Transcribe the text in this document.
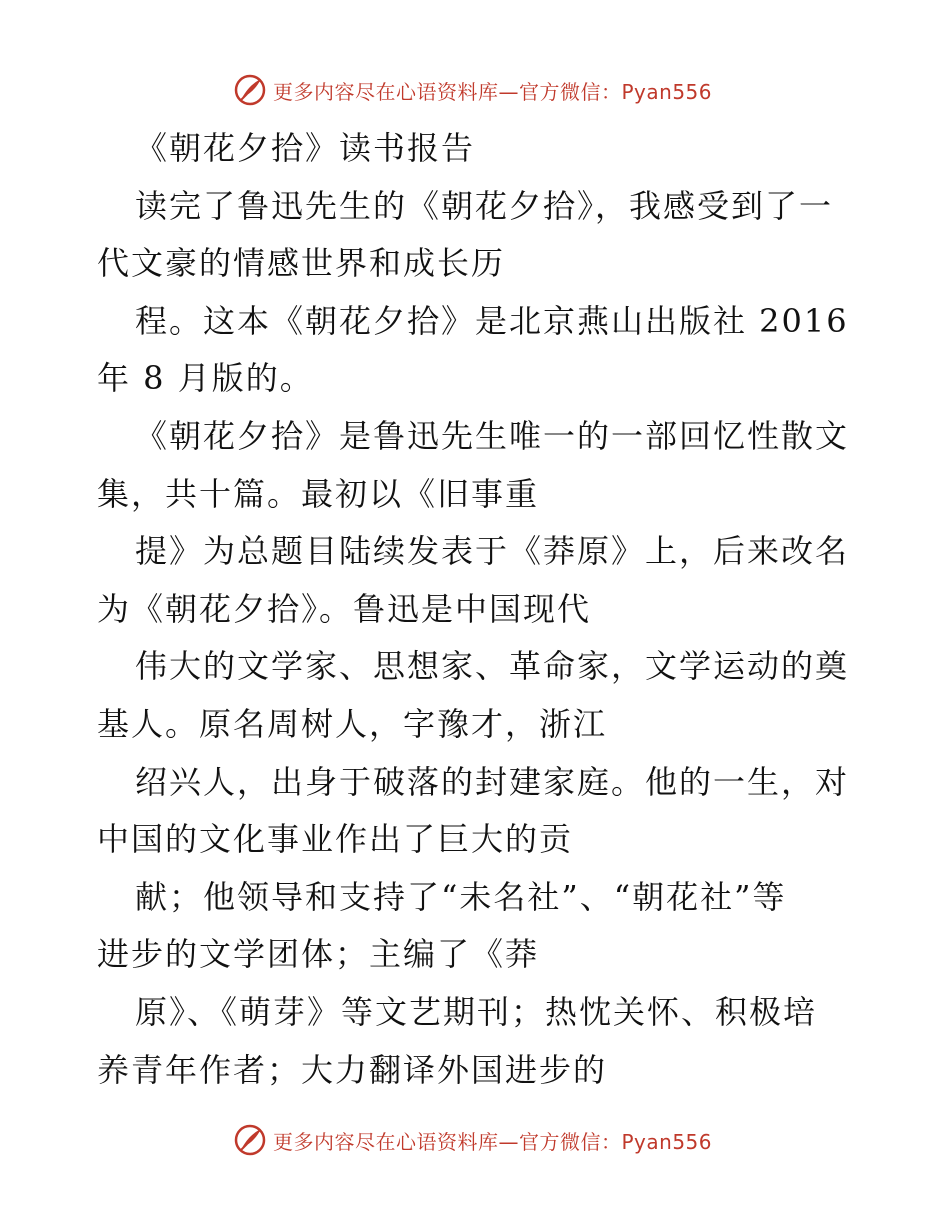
更多内容尽在心语资料库—官方微信：Pyan556
《朝花夕拾》读书报告
读完了鲁迅先生的《朝花夕拾》，我感受到了一
代文豪的情感世界和成长历
程。这本《朝花夕拾》是北京燕山出版社 2016
年 8 月版的。
《朝花夕拾》是鲁迅先生唯一的一部回忆性散文
集，共十篇。最初以《旧事重
提》为总题目陆续发表于《莽原》上，后来改名
为《朝花夕拾》。鲁迅是中国现代
伟大的文学家、思想家、革命家，文学运动的奠
基人。原名周树人，字豫才，浙江
绍兴人，出身于破落的封建家庭。他的一生，对
中国的文化事业作出了巨大的贡
献；他领导和支持了“未名社”、“朝花社”等
进步的文学团体；主编了《莽
原》、《萌芽》等文艺期刊；热忱关怀、积极培
养青年作者；大力翻译外国进步的
更多内容尽在心语资料库—官方微信：Pyan556
